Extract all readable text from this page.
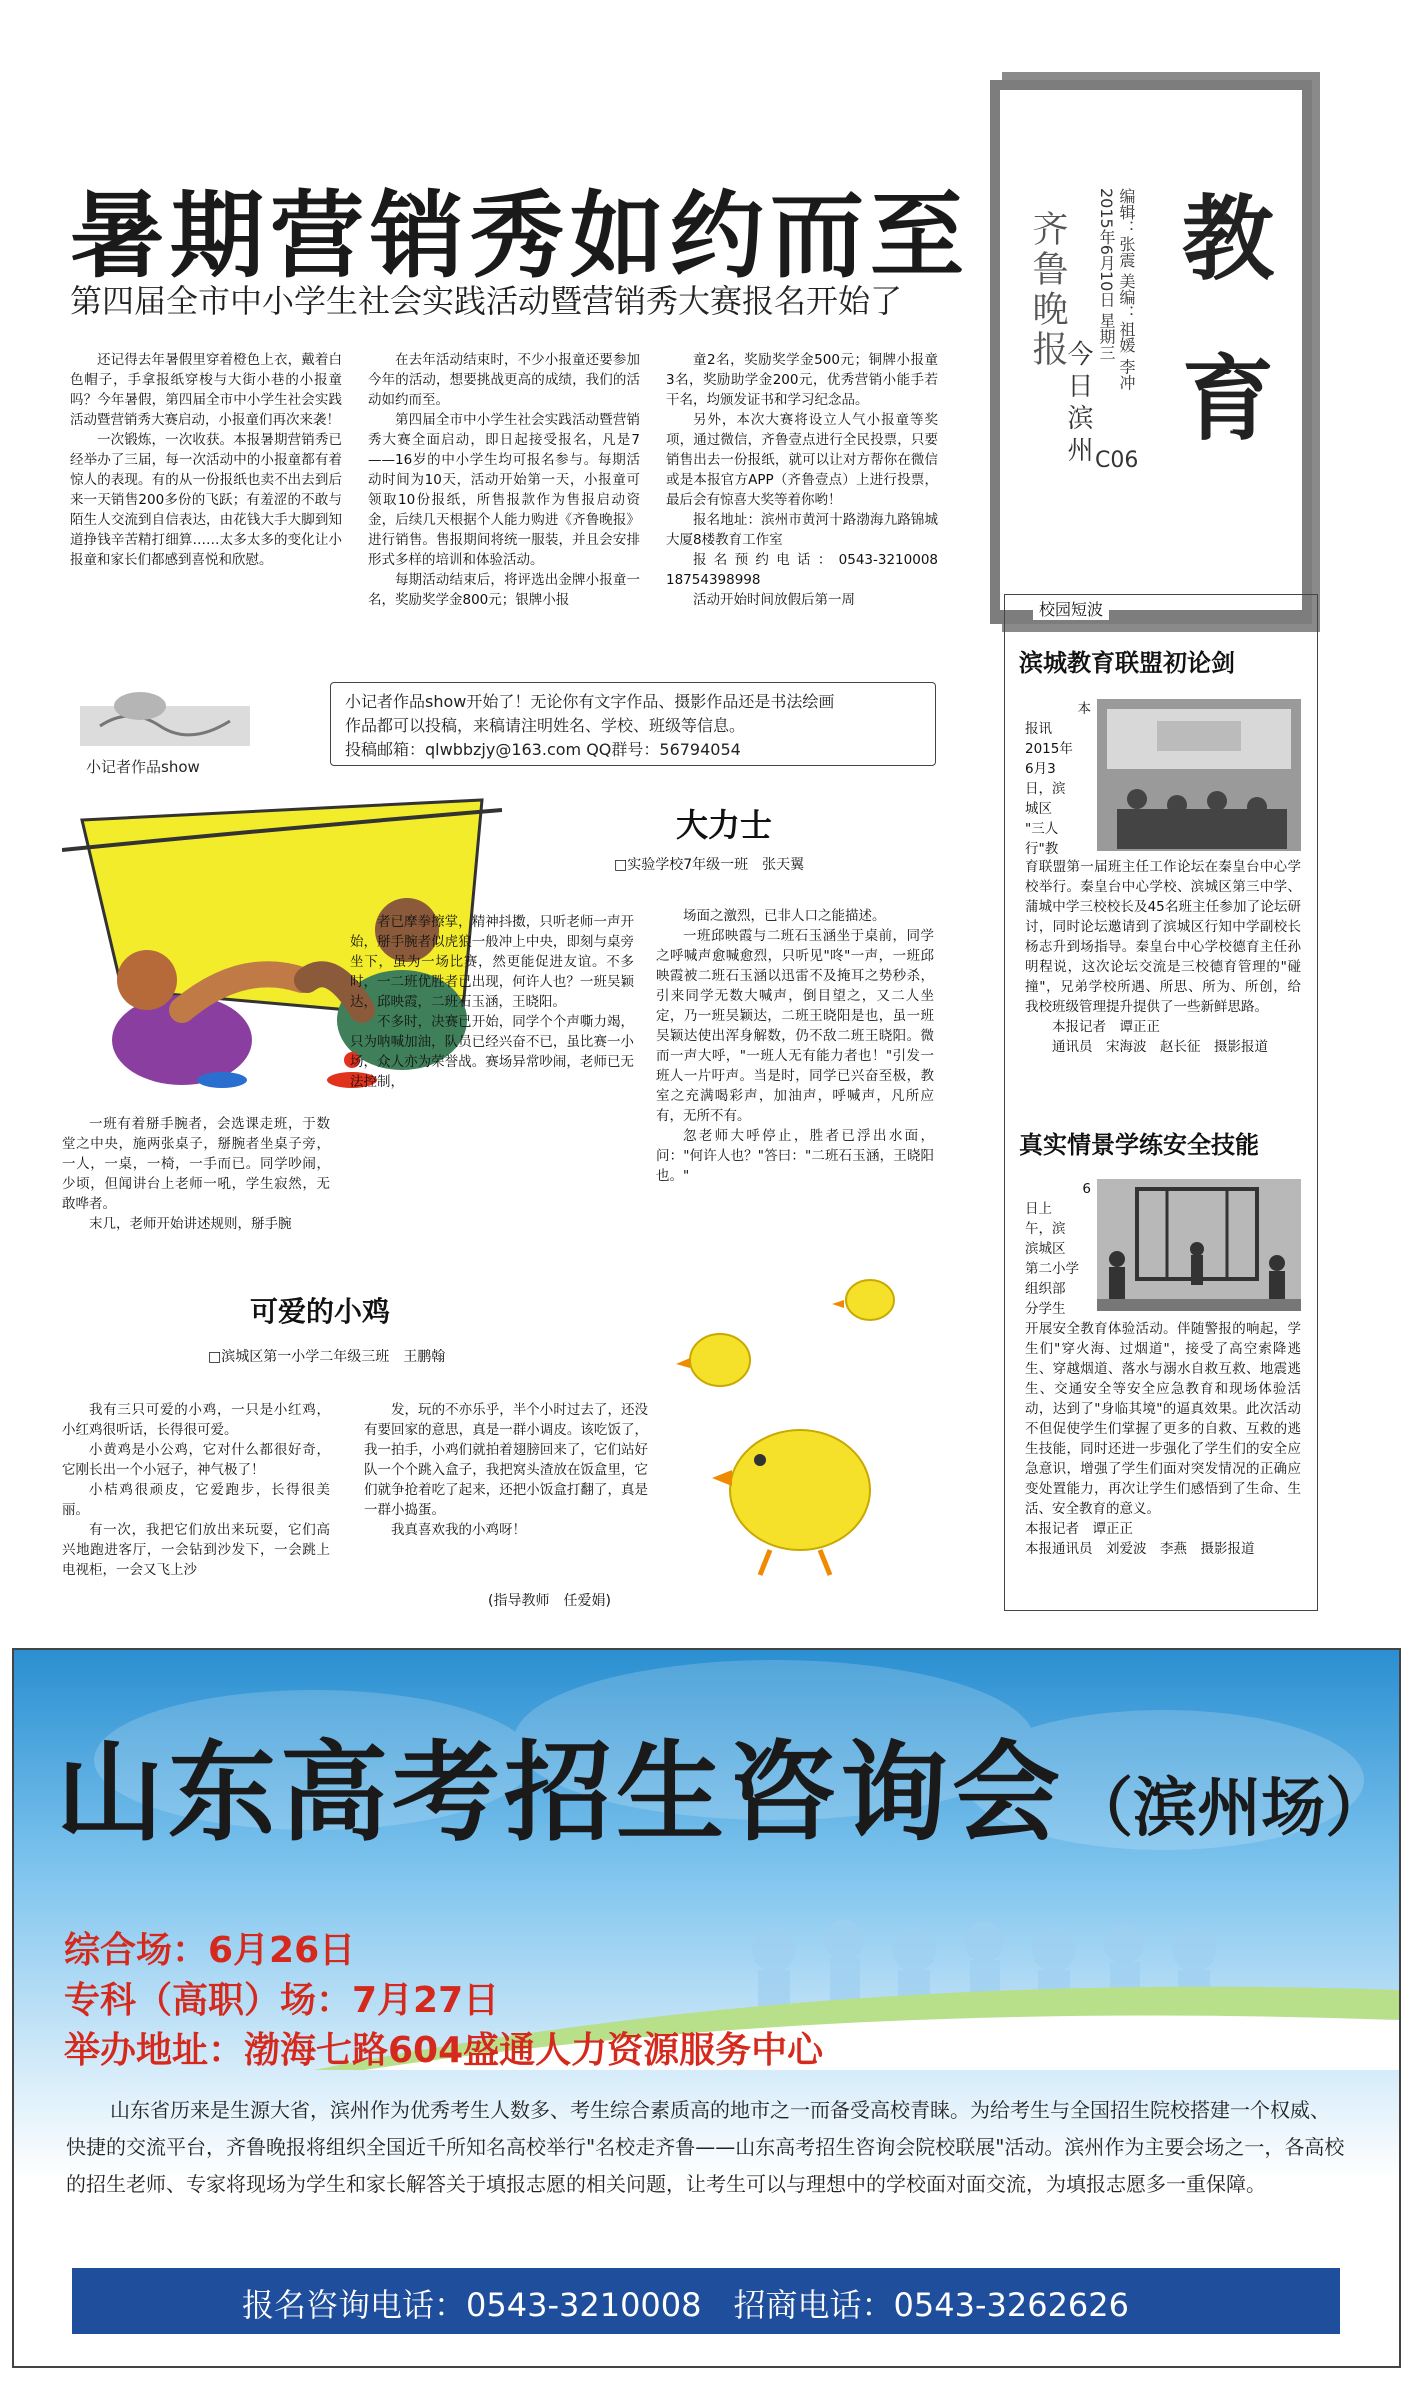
齐鲁晚报
今日滨州
编辑：张震 美编：祖媛 李冲
2015年6月10日 星期三
C06
教
育
暑期营销秀如约而至
第四届全市中小学生社会实践活动暨营销秀大赛报名开始了

还记得去年暑假里穿着橙色上衣，戴着白色帽子，手拿报纸穿梭与大街小巷的小报童吗？今年暑假，第四届全市中小学生社会实践活动暨营销秀大赛启动，小报童们再次来袭！

一次锻炼，一次收获。本报暑期营销秀已经举办了三届，每一次活动中的小报童都有着惊人的表现。有的从一份报纸也卖不出去到后来一天销售200多份的飞跃；有羞涩的不敢与陌生人交流到自信表达，由花钱大手大脚到知道挣钱辛苦精打细算……太多太多的变化让小报童和家长们都感到喜悦和欣慰。

在去年活动结束时，不少小报童还要参加今年的活动，想要挑战更高的成绩，我们的活动如约而至。

第四届全市中小学生社会实践活动暨营销秀大赛全面启动，即日起接受报名，凡是7——16岁的中小学生均可报名参与。每期活动时间为10天，活动开始第一天，小报童可领取10份报纸，所售报款作为售报启动资金，后续几天根据个人能力购进《齐鲁晚报》进行销售。售报期间将统一服装，并且会安排形式多样的培训和体验活动。

每期活动结束后，将评选出金牌小报童一名，奖励奖学金800元；银牌小报

童2名，奖励奖学金500元；铜牌小报童3名，奖励助学金200元，优秀营销小能手若干名，均颁发证书和学习纪念品。

另外，本次大赛将设立人气小报童等奖项，通过微信，齐鲁壹点进行全民投票，只要销售出去一份报纸，就可以让对方帮你在微信或是本报官方APP（齐鲁壹点）上进行投票，最后会有惊喜大奖等着你哟！

报名地址：滨州市黄河十路渤海九路锦城大厦8楼教育工作室

报名预约电话：0543-3210008 18754398998

活动开始时间放假后第一周

小记者作品show
小记者作品show开始了！无论你有文字作品、摄影作品还是书法绘画
作品都可以投稿，来稿请注明姓名、学校、班级等信息。
投稿邮箱：qlwbbzjy@163.com QQ群号：56794054
大力士
□实验学校7年级一班　张天翼

一班有着掰手腕者，会选课走班，于数堂之中央，施两张桌子，掰腕者坐桌子旁，一人，一桌，一椅，一手而已。同学吵闹，少顷，但闻讲台上老师一吼，学生寂然，无敢哗者。

末几，老师开始讲述规则，掰手腕

者已摩拳擦掌，精神抖擞，只听老师一声开始，掰手腕者似虎狼一般冲上中央，即刻与桌旁坐下，虽为一场比赛，然更能促进友谊。不多时，一二班优胜者已出现，何许人也？一班吴颖达，邱映霞，二班石玉涵，王晓阳。

不多时，决赛已开始，同学个个声嘶力竭，只为呐喊加油，队员已经兴奋不已，虽比赛一小场，众人亦为荣誉战。赛场异常吵闹，老师已无法控制，

场面之激烈，已非人口之能描述。

一班邱映霞与二班石玉涵坐于桌前，同学之呼喊声愈喊愈烈，只听见"咚"一声，一班邱映霞被二班石玉涵以迅雷不及掩耳之势秒杀，引来同学无数大喊声，倒目望之，又二人坐定，乃一班吴颖达，二班王晓阳是也，虽一班吴颖达使出浑身解数，仍不敌二班王晓阳。微而一声大呼，"一班人无有能力者也！"引发一班人一片吁声。当是时，同学已兴奋至极，教室之充满喝彩声，加油声，呼喊声，凡所应有，无所不有。

忽老师大呼停止，胜者已浮出水面，问："何许人也？"答曰："二班石玉涵，王晓阳也。"

可爱的小鸡
□滨城区第一小学二年级三班　王鹏翰

我有三只可爱的小鸡，一只是小红鸡，小红鸡很听话，长得很可爱。

小黄鸡是小公鸡，它对什么都很好奇，它刚长出一个小冠子，神气极了！

小桔鸡很顽皮，它爱跑步，长得很美丽。

有一次，我把它们放出来玩耍，它们高兴地跑进客厅，一会钻到沙发下，一会跳上电视柜，一会又飞上沙

发，玩的不亦乐乎，半个小时过去了，还没有要回家的意思，真是一群小调皮。该吃饭了，我一拍手，小鸡们就拍着翅膀回来了，它们站好队一个个跳入盒子，我把窝头渣放在饭盒里，它们就争抢着吃了起来，还把小饭盒打翻了，真是一群小捣蛋。

我真喜欢我的小鸡呀！

(指导教师　任爱娟)
校园短波
滨城教育联盟初论剑
本
报讯
2015年
6月3
日，滨
城区
"三人
行"教
育联盟第一届班主任工作论坛在秦皇台中心学校举行。秦皇台中心学校、滨城区第三中学、蒲城中学三校校长及45名班主任参加了论坛研讨，同时论坛邀请到了滨城区行知中学副校长杨志升到场指导。秦皇台中心学校德育主任孙明程说，这次论坛交流是三校德育管理的"碰撞"，兄弟学校所遇、所思、所为、所创，给我校班级管理提升提供了一些新鲜思路。
本报记者　谭正正
通讯员　宋海波　赵长征　摄影报道
真实情景学练安全技能
6
日上
午，滨
滨城区
第二小学
组织部
分学生
开展安全教育体验活动。伴随警报的响起，学生们"穿火海、过烟道"，接受了高空索降逃生、穿越烟道、落水与溺水自救互救、地震逃生、交通安全等安全应急教育和现场体验活动，达到了"身临其境"的逼真效果。此次活动不但促使学生们掌握了更多的自救、互救的逃生技能，同时还进一步强化了学生们的安全应急意识，增强了学生们面对突发情况的正确应变处置能力，再次让学生们感悟到了生命、生活、安全教育的意义。
本报记者　谭正正
本报通讯员　刘爱波　李燕　摄影报道
山东高考招生咨询会 （滨州场）
综合场：6月26日
专科（高职）场：7月27日
举办地址：渤海七路604盛通人力资源服务中心
山东省历来是生源大省，滨州作为优秀考生人数多、考生综合素质高的地市之一而备受高校青睐。为给考生与全国招生院校搭建一个权威、快捷的交流平台，齐鲁晚报将组织全国近千所知名高校举行"名校走齐鲁——山东高考招生咨询会院校联展"活动。滨州作为主要会场之一，各高校的招生老师、专家将现场为学生和家长解答关于填报志愿的相关问题，让考生可以与理想中的学校面对面交流，为填报志愿多一重保障。
报名咨询电话：0543-3210008　招商电话：0543-3262626
